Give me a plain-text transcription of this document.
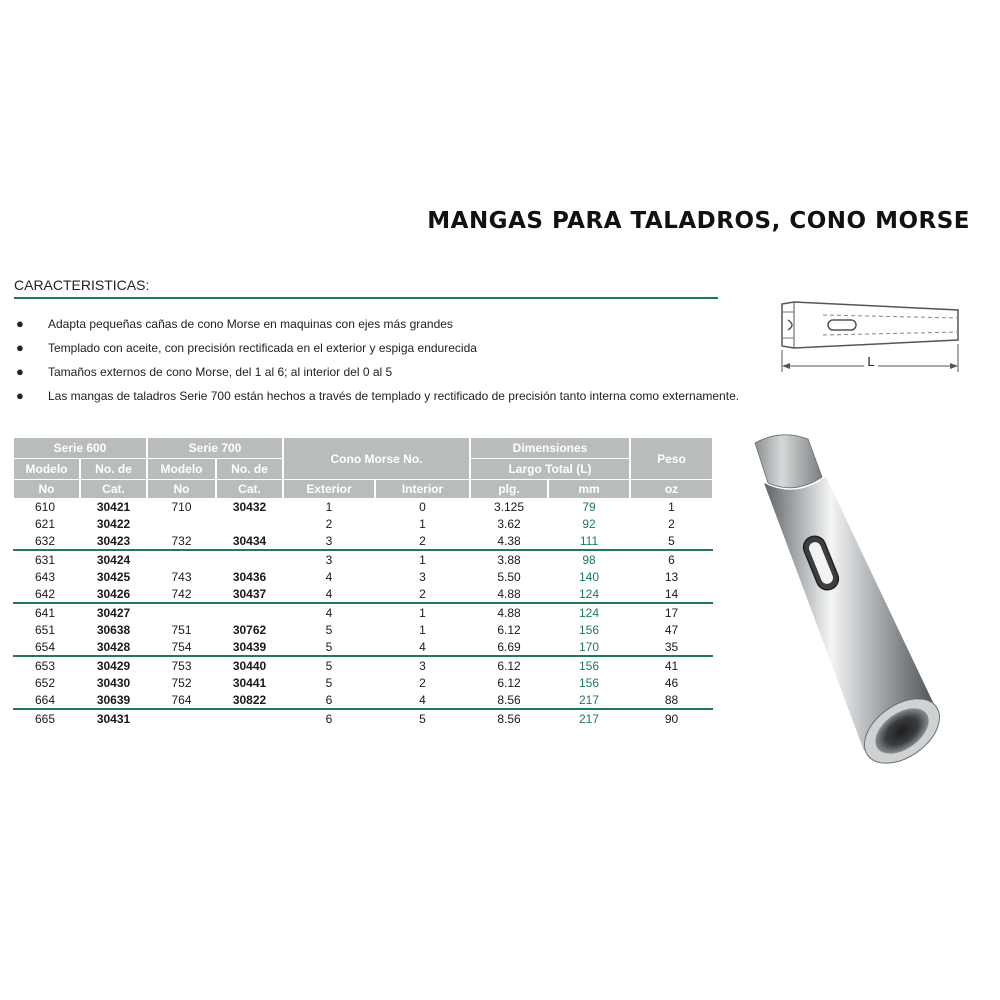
MANGAS PARA TALADROS, CONO MORSE
CARACTERISTICAS:
● Adapta pequeñas cañas de cono Morse en maquinas con ejes más grandes
● Templado con aceite, con precisión rectificada en el exterior y espiga endurecida
● Tamaños externos de cono Morse, del 1 al 6; al interior del 0 al 5
● Las mangas de taladros Serie 700 están hechos a través de templado y rectificado de precisión tanto interna como externamente.
L
Serie 600		Serie 700		Cono Morse No.		Dimensiones		Peso
Modelo	No. de	Modelo	No. de			Largo Total (L)		
No	Cat.	No	Cat.	Exterior	Interior	plg.	mm	oz
610	30421	710	30432	1	0	3.125	79	1
621	30422			2	1	3.62	92	2
632	30423	732	30434	3	2	4.38	111	5
631	30424			3	1	3.88	98	6
643	30425	743	30436	4	3	5.50	140	13
642	30426	742	30437	4	2	4.88	124	14
641	30427			4	1	4.88	124	17
651	30638	751	30762	5	1	6.12	156	47
654	30428	754	30439	5	4	6.69	170	35
653	30429	753	30440	5	3	6.12	156	41
652	30430	752	30441	5	2	6.12	156	46
664	30639	764	30822	6	4	8.56	217	88
665	30431			6	5	8.56	217	90
